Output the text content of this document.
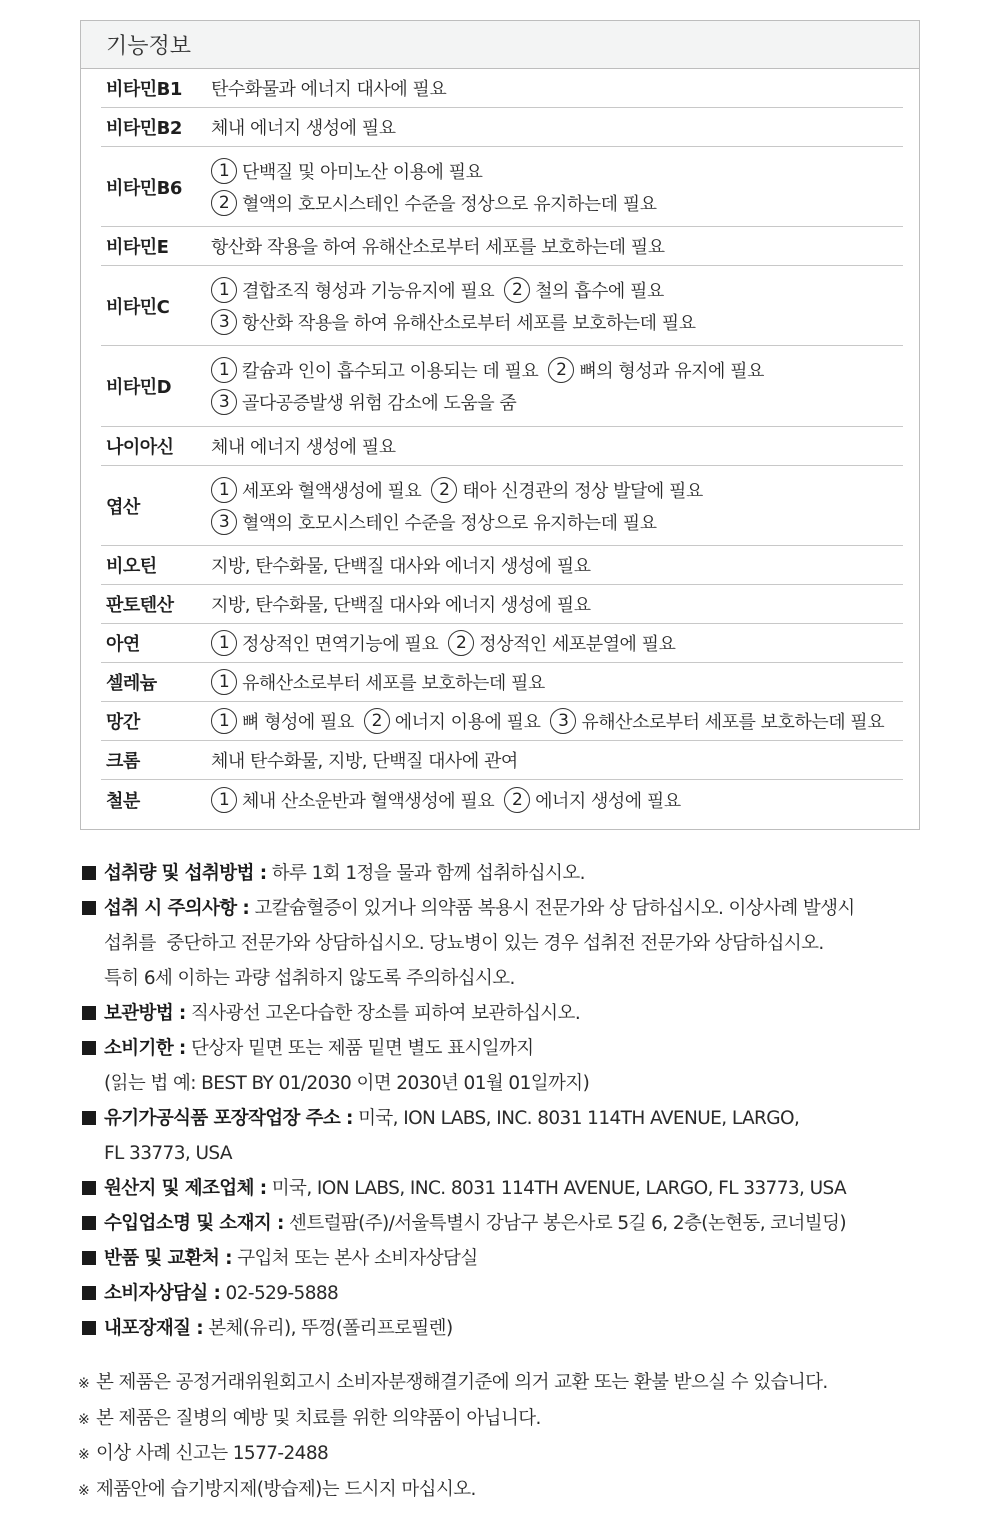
기능정보
비타민B1	탄수화물과 에너지 대사에 필요
비타민B2	체내 에너지 생성에 필요
비타민B6
1 단백질 및 아미노산 이용에 필요
2 혈액의 호모시스테인 수준을 정상으로 유지하는데 필요
비타민E	항산화 작용을 하여 유해산소로부터 세포를 보호하는데 필요
비타민C
1 결합조직 형성과 기능유지에 필요	2 철의 흡수에 필요
3 항산화 작용을 하여 유해산소로부터 세포를 보호하는데 필요
비타민D
1 칼슘과 인이 흡수되고 이용되는 데 필요	2 뼈의 형성과 유지에 필요
3 골다공증발생 위험 감소에 도움을 줌
나이아신	체내 에너지 생성에 필요
엽산
1 세포와 혈액생성에 필요	2 태아 신경관의 정상 발달에 필요
3 혈액의 호모시스테인 수준을 정상으로 유지하는데 필요
비오틴	지방, 탄수화물, 단백질 대사와 에너지 생성에 필요
판토텐산	지방, 탄수화물, 단백질 대사와 에너지 생성에 필요
아연	1 정상적인 면역기능에 필요	2 정상적인 세포분열에 필요
셀레늄	1 유해산소로부터 세포를 보호하는데 필요
망간	1 뼈 형성에 필요	2 에너지 이용에 필요	3 유해산소로부터 세포를 보호하는데 필요
크롬	체내 탄수화물, 지방, 단백질 대사에 관여
철분	1 체내 산소운반과 혈액생성에 필요	2 에너지 생성에 필요
섭취량 및 섭취방법 : 하루 1회 1정을 물과 함께 섭취하십시오.
섭취 시 주의사항 : 고칼슘혈증이 있거나 의약품 복용시 전문가와 상 담하십시오. 이상사례 발생시
섭취를  중단하고 전문가와 상담하십시오. 당뇨병이 있는 경우 섭취전 전문가와 상담하십시오.
특히 6세 이하는 과량 섭취하지 않도록 주의하십시오.
보관방법 : 직사광선 고온다습한 장소를 피하여 보관하십시오.
소비기한 : 단상자 밑면 또는 제품 밑면 별도 표시일까지
(읽는 법 예: BEST BY 01/2030 이면 2030년 01월 01일까지)
유기가공식품 포장작업장 주소 : 미국, ION LABS, INC. 8031 114TH AVENUE, LARGO,
FL 33773, USA
원산지 및 제조업체 : 미국, ION LABS, INC. 8031 114TH AVENUE, LARGO, FL 33773, USA
수입업소명 및 소재지 : 센트럴팜(주)/서울특별시 강남구 봉은사로 5길 6, 2층(논현동, 코너빌딩)
반품 및 교환처 : 구입처 또는 본사 소비자상담실
소비자상담실 : 02-529-5888
내포장재질 : 본체(유리), 뚜껑(폴리프로필렌)
※ 본 제품은 공정거래위원회고시 소비자분쟁해결기준에 의거 교환 또는 환불 받으실 수 있습니다.
※ 본 제품은 질병의 예방 및 치료를 위한 의약품이 아닙니다.
※ 이상 사례 신고는 1577-2488
※ 제품안에 습기방지제(방습제)는 드시지 마십시오.
